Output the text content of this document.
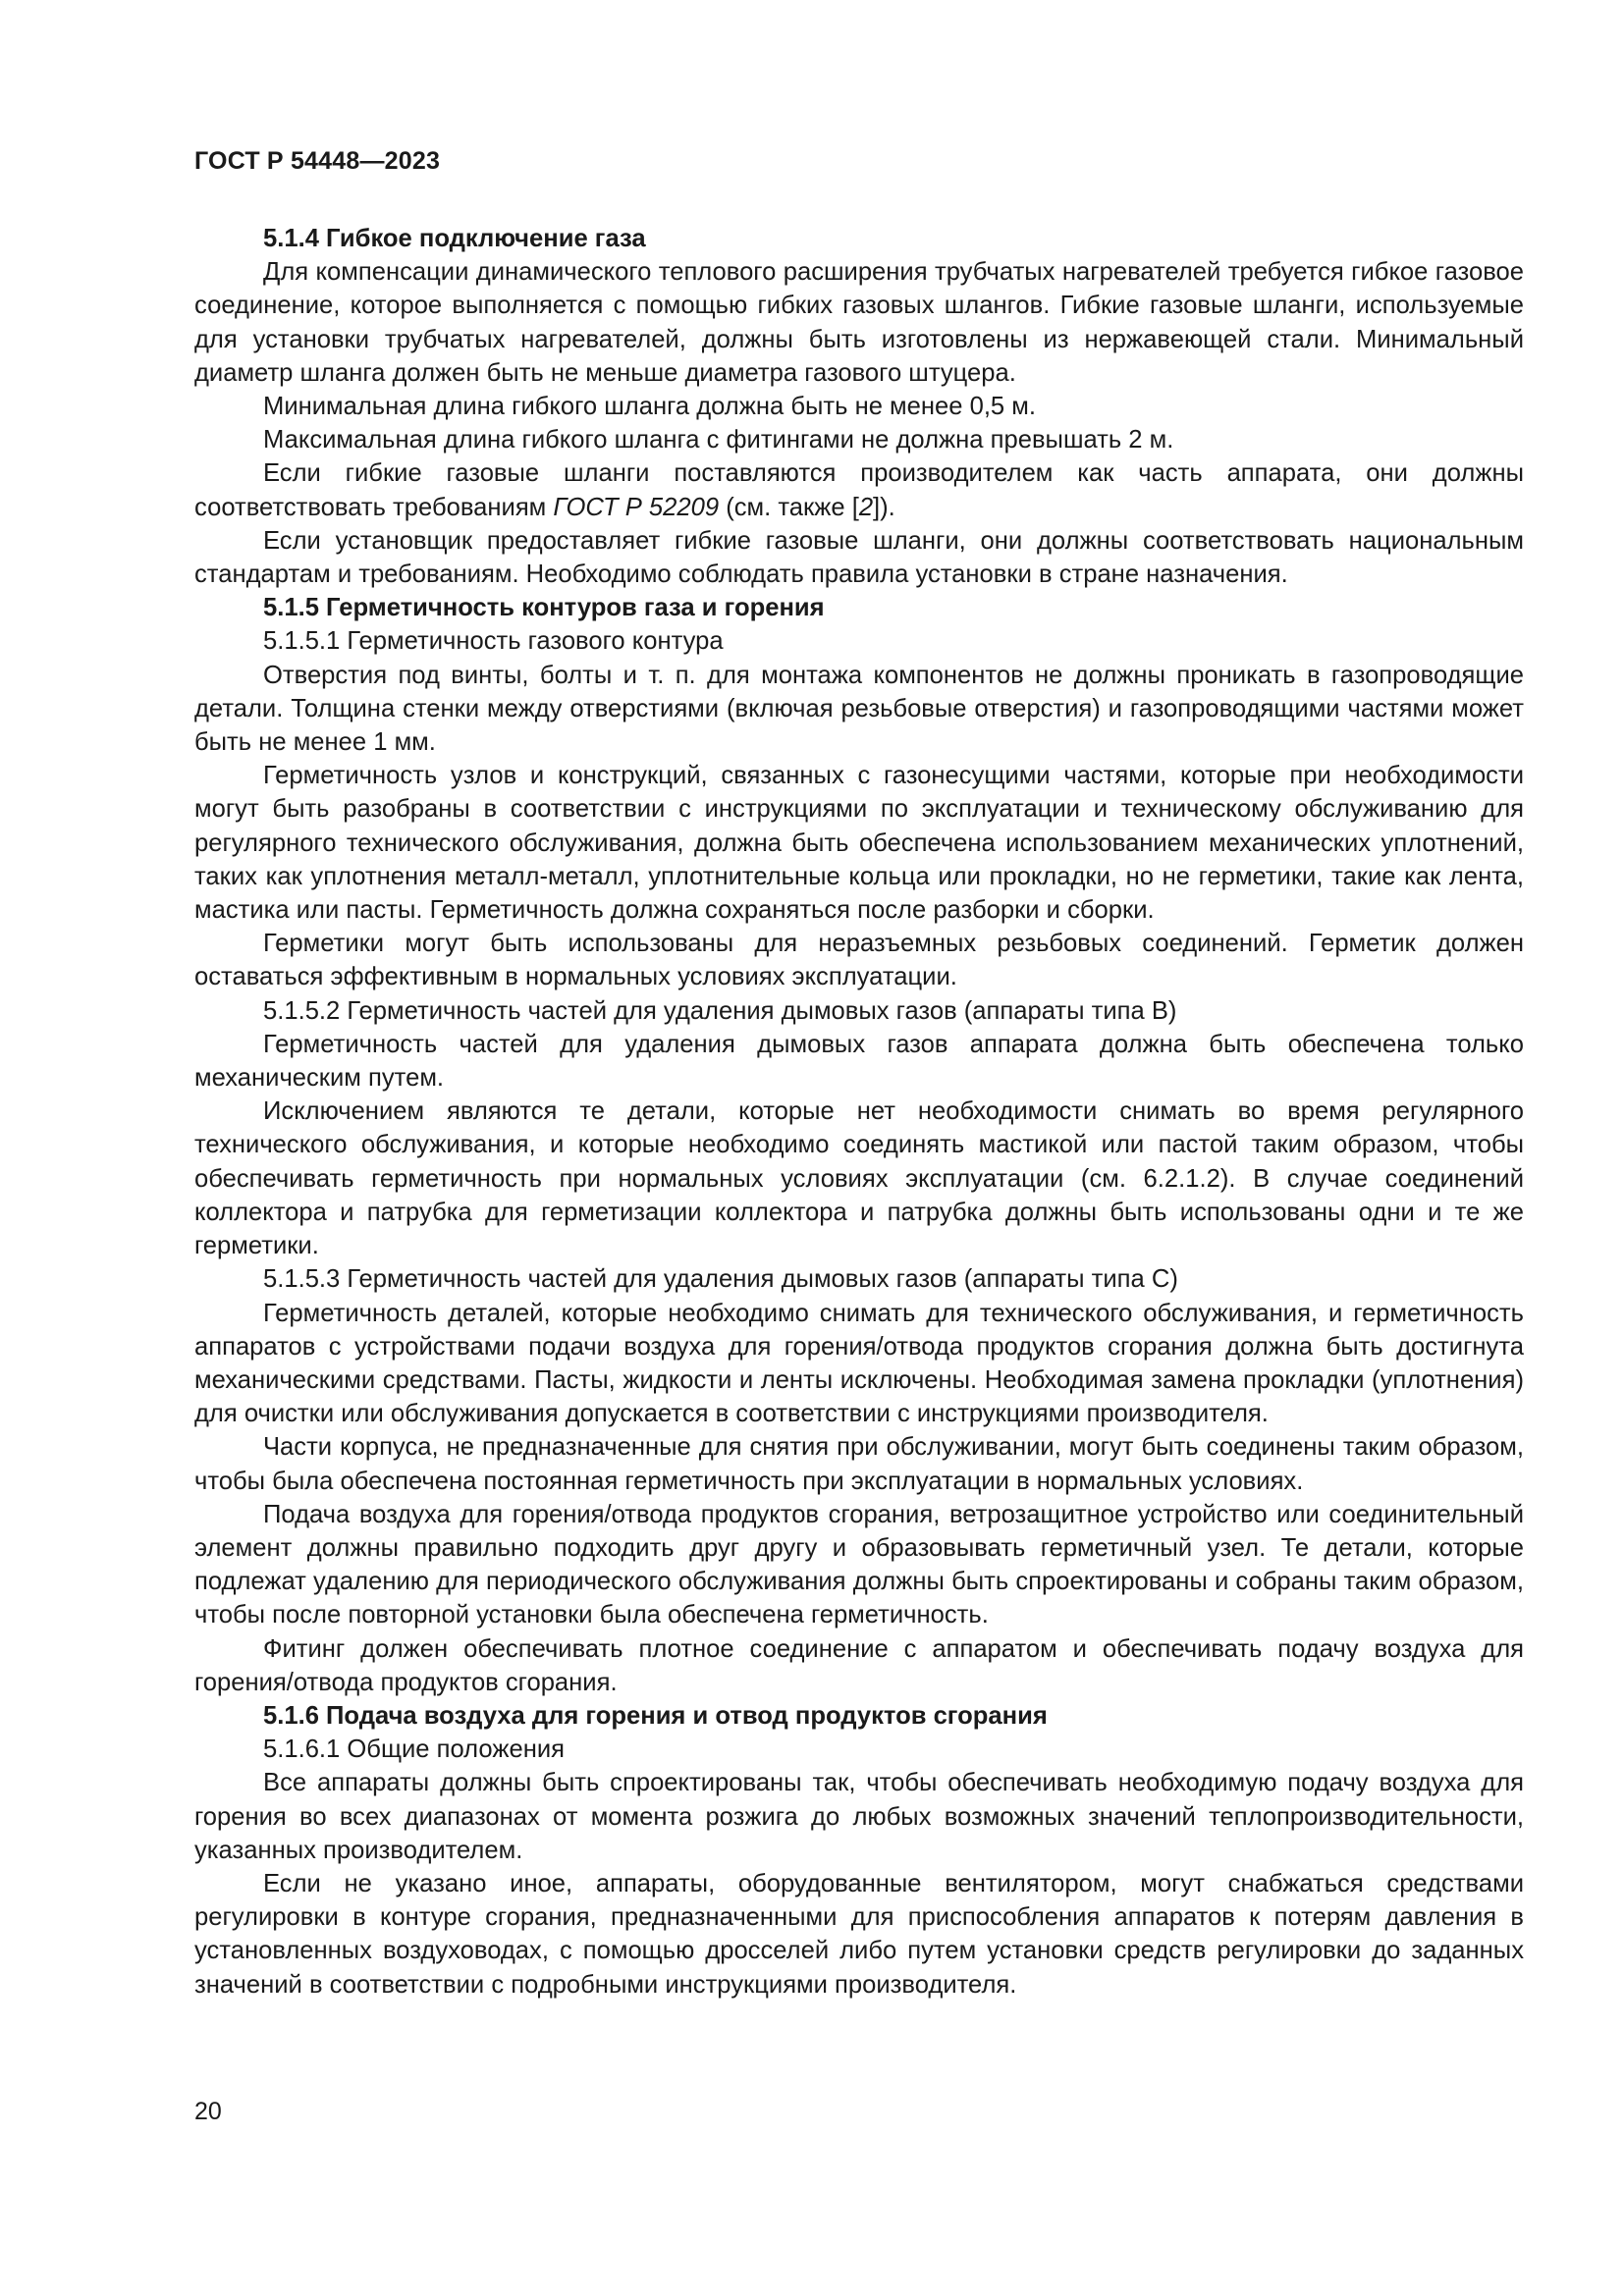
ГОСТ Р 54448—2023

5.1.4 Гибкое подключение газа

Для компенсации динамического теплового расширения трубчатых нагревателей требуется гибкое газовое соединение, которое выполняется с помощью гибких газовых шлангов. Гибкие газовые шланги, используемые для установки трубчатых нагревателей, должны быть изготовлены из нержавеющей стали. Минимальный диаметр шланга должен быть не меньше диаметра газового штуцера.

Минимальная длина гибкого шланга должна быть не менее 0,5 м.

Максимальная длина гибкого шланга с фитингами не должна превышать 2 м.

Если гибкие газовые шланги поставляются производителем как часть аппарата, они должны соответствовать требованиям ГОСТ Р 52209 (см. также [2]).

Если установщик предоставляет гибкие газовые шланги, они должны соответствовать национальным стандартам и требованиям. Необходимо соблюдать правила установки в стране назначения.

5.1.5 Герметичность контуров газа и горения

5.1.5.1 Герметичность газового контура

Отверстия под винты, болты и т. п. для монтажа компонентов не должны проникать в газопроводящие детали. Толщина стенки между отверстиями (включая резьбовые отверстия) и газопроводящими частями может быть не менее 1 мм.

Герметичность узлов и конструкций, связанных с газонесущими частями, которые при необходимости могут быть разобраны в соответствии с инструкциями по эксплуатации и техническому обслуживанию для регулярного технического обслуживания, должна быть обеспечена использованием механических уплотнений, таких как уплотнения металл-металл, уплотнительные кольца или прокладки, но не герметики, такие как лента, мастика или пасты. Герметичность должна сохраняться после разборки и сборки.

Герметики могут быть использованы для неразъемных резьбовых соединений. Герметик должен оставаться эффективным в нормальных условиях эксплуатации.

5.1.5.2 Герметичность частей для удаления дымовых газов (аппараты типа B)

Герметичность частей для удаления дымовых газов аппарата должна быть обеспечена только механическим путем.

Исключением являются те детали, которые нет необходимости снимать во время регулярного технического обслуживания, и которые необходимо соединять мастикой или пастой таким образом, чтобы обеспечивать герметичность при нормальных условиях эксплуатации (см. 6.2.1.2). В случае соединений коллектора и патрубка для герметизации коллектора и патрубка должны быть использованы одни и те же герметики.

5.1.5.3 Герметичность частей для удаления дымовых газов (аппараты типа C)

Герметичность деталей, которые необходимо снимать для технического обслуживания, и герметичность аппаратов с устройствами подачи воздуха для горения/отвода продуктов сгорания должна быть достигнута механическими средствами. Пасты, жидкости и ленты исключены. Необходимая замена прокладки (уплотнения) для очистки или обслуживания допускается в соответствии с инструкциями производителя.

Части корпуса, не предназначенные для снятия при обслуживании, могут быть соединены таким образом, чтобы была обеспечена постоянная герметичность при эксплуатации в нормальных условиях.

Подача воздуха для горения/отвода продуктов сгорания, ветрозащитное устройство или соединительный элемент должны правильно подходить друг другу и образовывать герметичный узел. Те детали, которые подлежат удалению для периодического обслуживания должны быть спроектированы и собраны таким образом, чтобы после повторной установки была обеспечена герметичность.

Фитинг должен обеспечивать плотное соединение с аппаратом и обеспечивать подачу воздуха для горения/отвода продуктов сгорания.

5.1.6 Подача воздуха для горения и отвод продуктов сгорания

5.1.6.1 Общие положения

Все аппараты должны быть спроектированы так, чтобы обеспечивать необходимую подачу воздуха для горения во всех диапазонах от момента розжига до любых возможных значений теплопроизводительности, указанных производителем.

Если не указано иное, аппараты, оборудованные вентилятором, могут снабжаться средствами регулировки в контуре сгорания, предназначенными для приспособления аппаратов к потерям давления в установленных воздуховодах, с помощью дросселей либо путем установки средств регулировки до заданных значений в соответствии с подробными инструкциями производителя.

20
